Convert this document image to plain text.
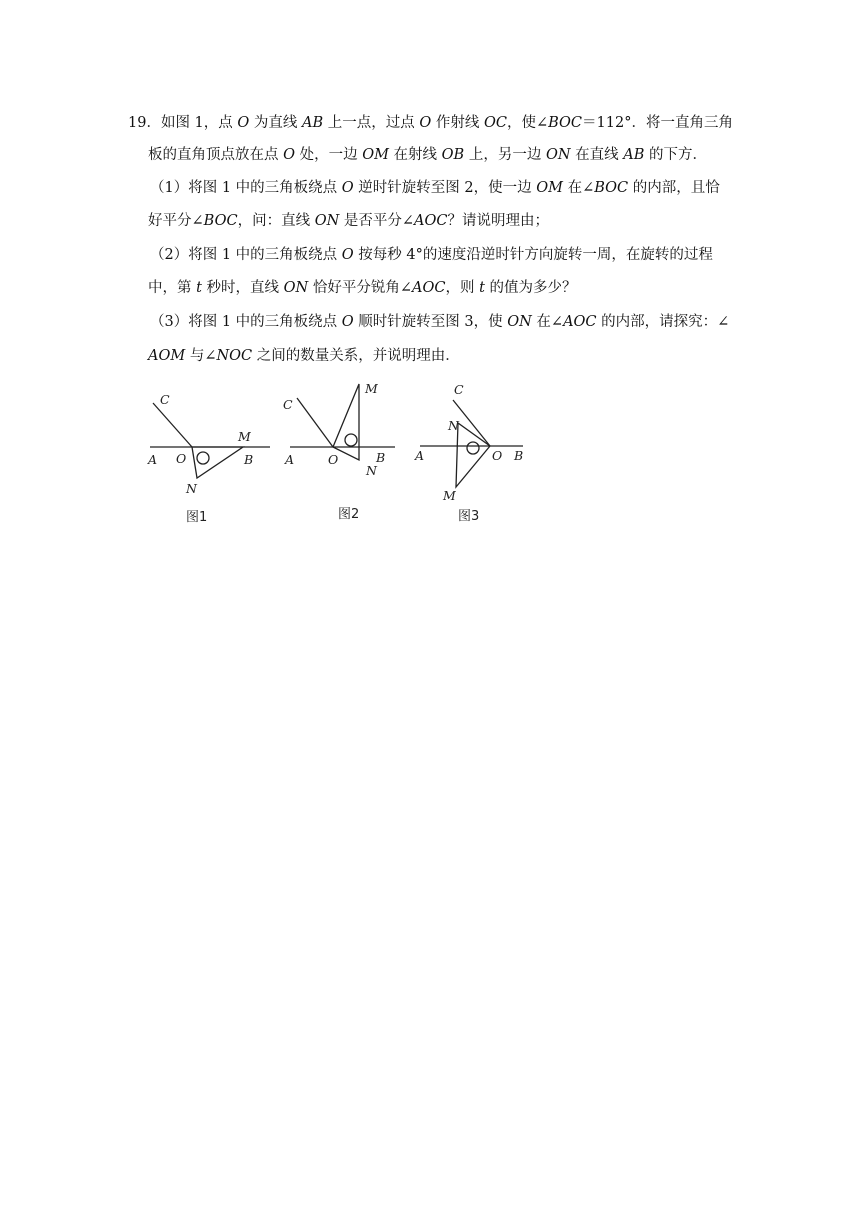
19．如图 1，点 O 为直线 AB 上一点，过点 O 作射线 OC，使∠BOC＝112°．将一直角三角
板的直角顶点放在点 O 处，一边 OM 在射线 OB 上，另一边 ON 在直线 AB 的下方．
（1）将图 1 中的三角板绕点 O 逆时针旋转至图 2，使一边 OM 在∠BOC 的内部，且恰
好平分∠BOC，问：直线 ON 是否平分∠AOC？请说明理由；
（2）将图 1 中的三角板绕点 O 按每秒 4°的速度沿逆时针方向旋转一周，在旋转的过程
中，第 t 秒时，直线 ON 恰好平分锐角∠AOC，则 t 的值为多少？
（3）将图 1 中的三角板绕点 O 顺时针旋转至图 3，使 ON 在∠AOC 的内部，请探究：∠
AOM 与∠NOC 之间的数量关系，并说明理由．
C
M
A O	B
N
图1
C
M
A	O	B
N
图2
C
N
A	O B
M
图3
